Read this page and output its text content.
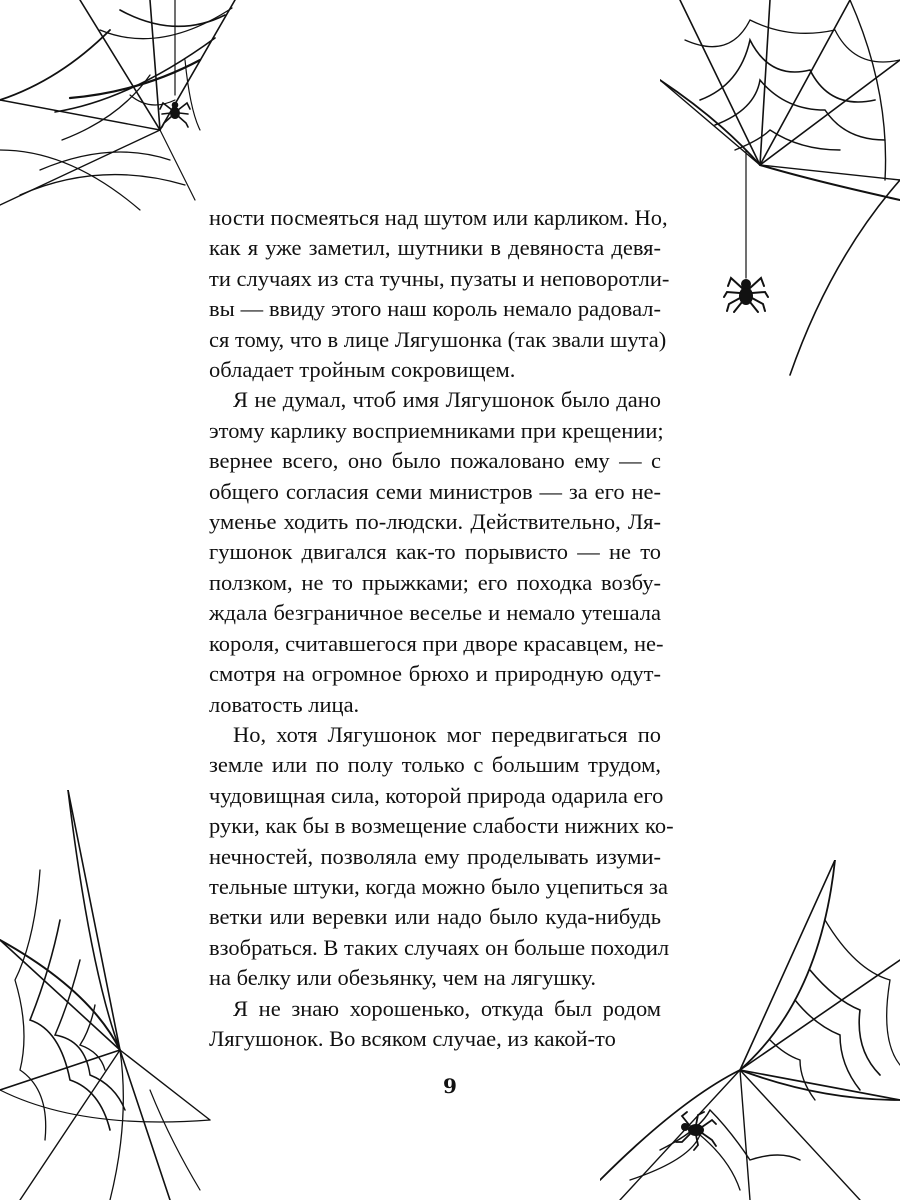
ности посмеяться над шутом или карликом. Но,
как я уже заметил, шутники в девяноста девя-
ти случаях из ста тучны, пузаты и неповоротли-
вы — ввиду этого наш король немало радовал-
ся тому, что в лице Лягушонка (так звали шута)
обладает тройным сокровищем.
Я не думал, чтоб имя Лягушонок было дано
этому карлику восприемниками при крещении;
вернее всего, оно было пожаловано ему — с
общего согласия семи министров — за его не-
уменье ходить по-людски. Действительно, Ля-
гушонок двигался как-то порывисто — не то
ползком, не то прыжками; его походка возбу-
ждала безграничное веселье и немало утешала
короля, считавшегося при дворе красавцем, не-
смотря на огромное брюхо и природную одут-
ловатость лица.
Но, хотя Лягушонок мог передвигаться по
земле или по полу только с большим трудом,
чудовищная сила, которой природа одарила его
руки, как бы в возмещение слабости нижних ко-
нечностей, позволяла ему проделывать изуми-
тельные штуки, когда можно было уцепиться за
ветки или веревки или надо было куда-нибудь
взобраться. В таких случаях он больше походил
на белку или обезьянку, чем на лягушку.
Я не знаю хорошенько, откуда был родом
Лягушонок. Во всяком случае, из какой-то
9
